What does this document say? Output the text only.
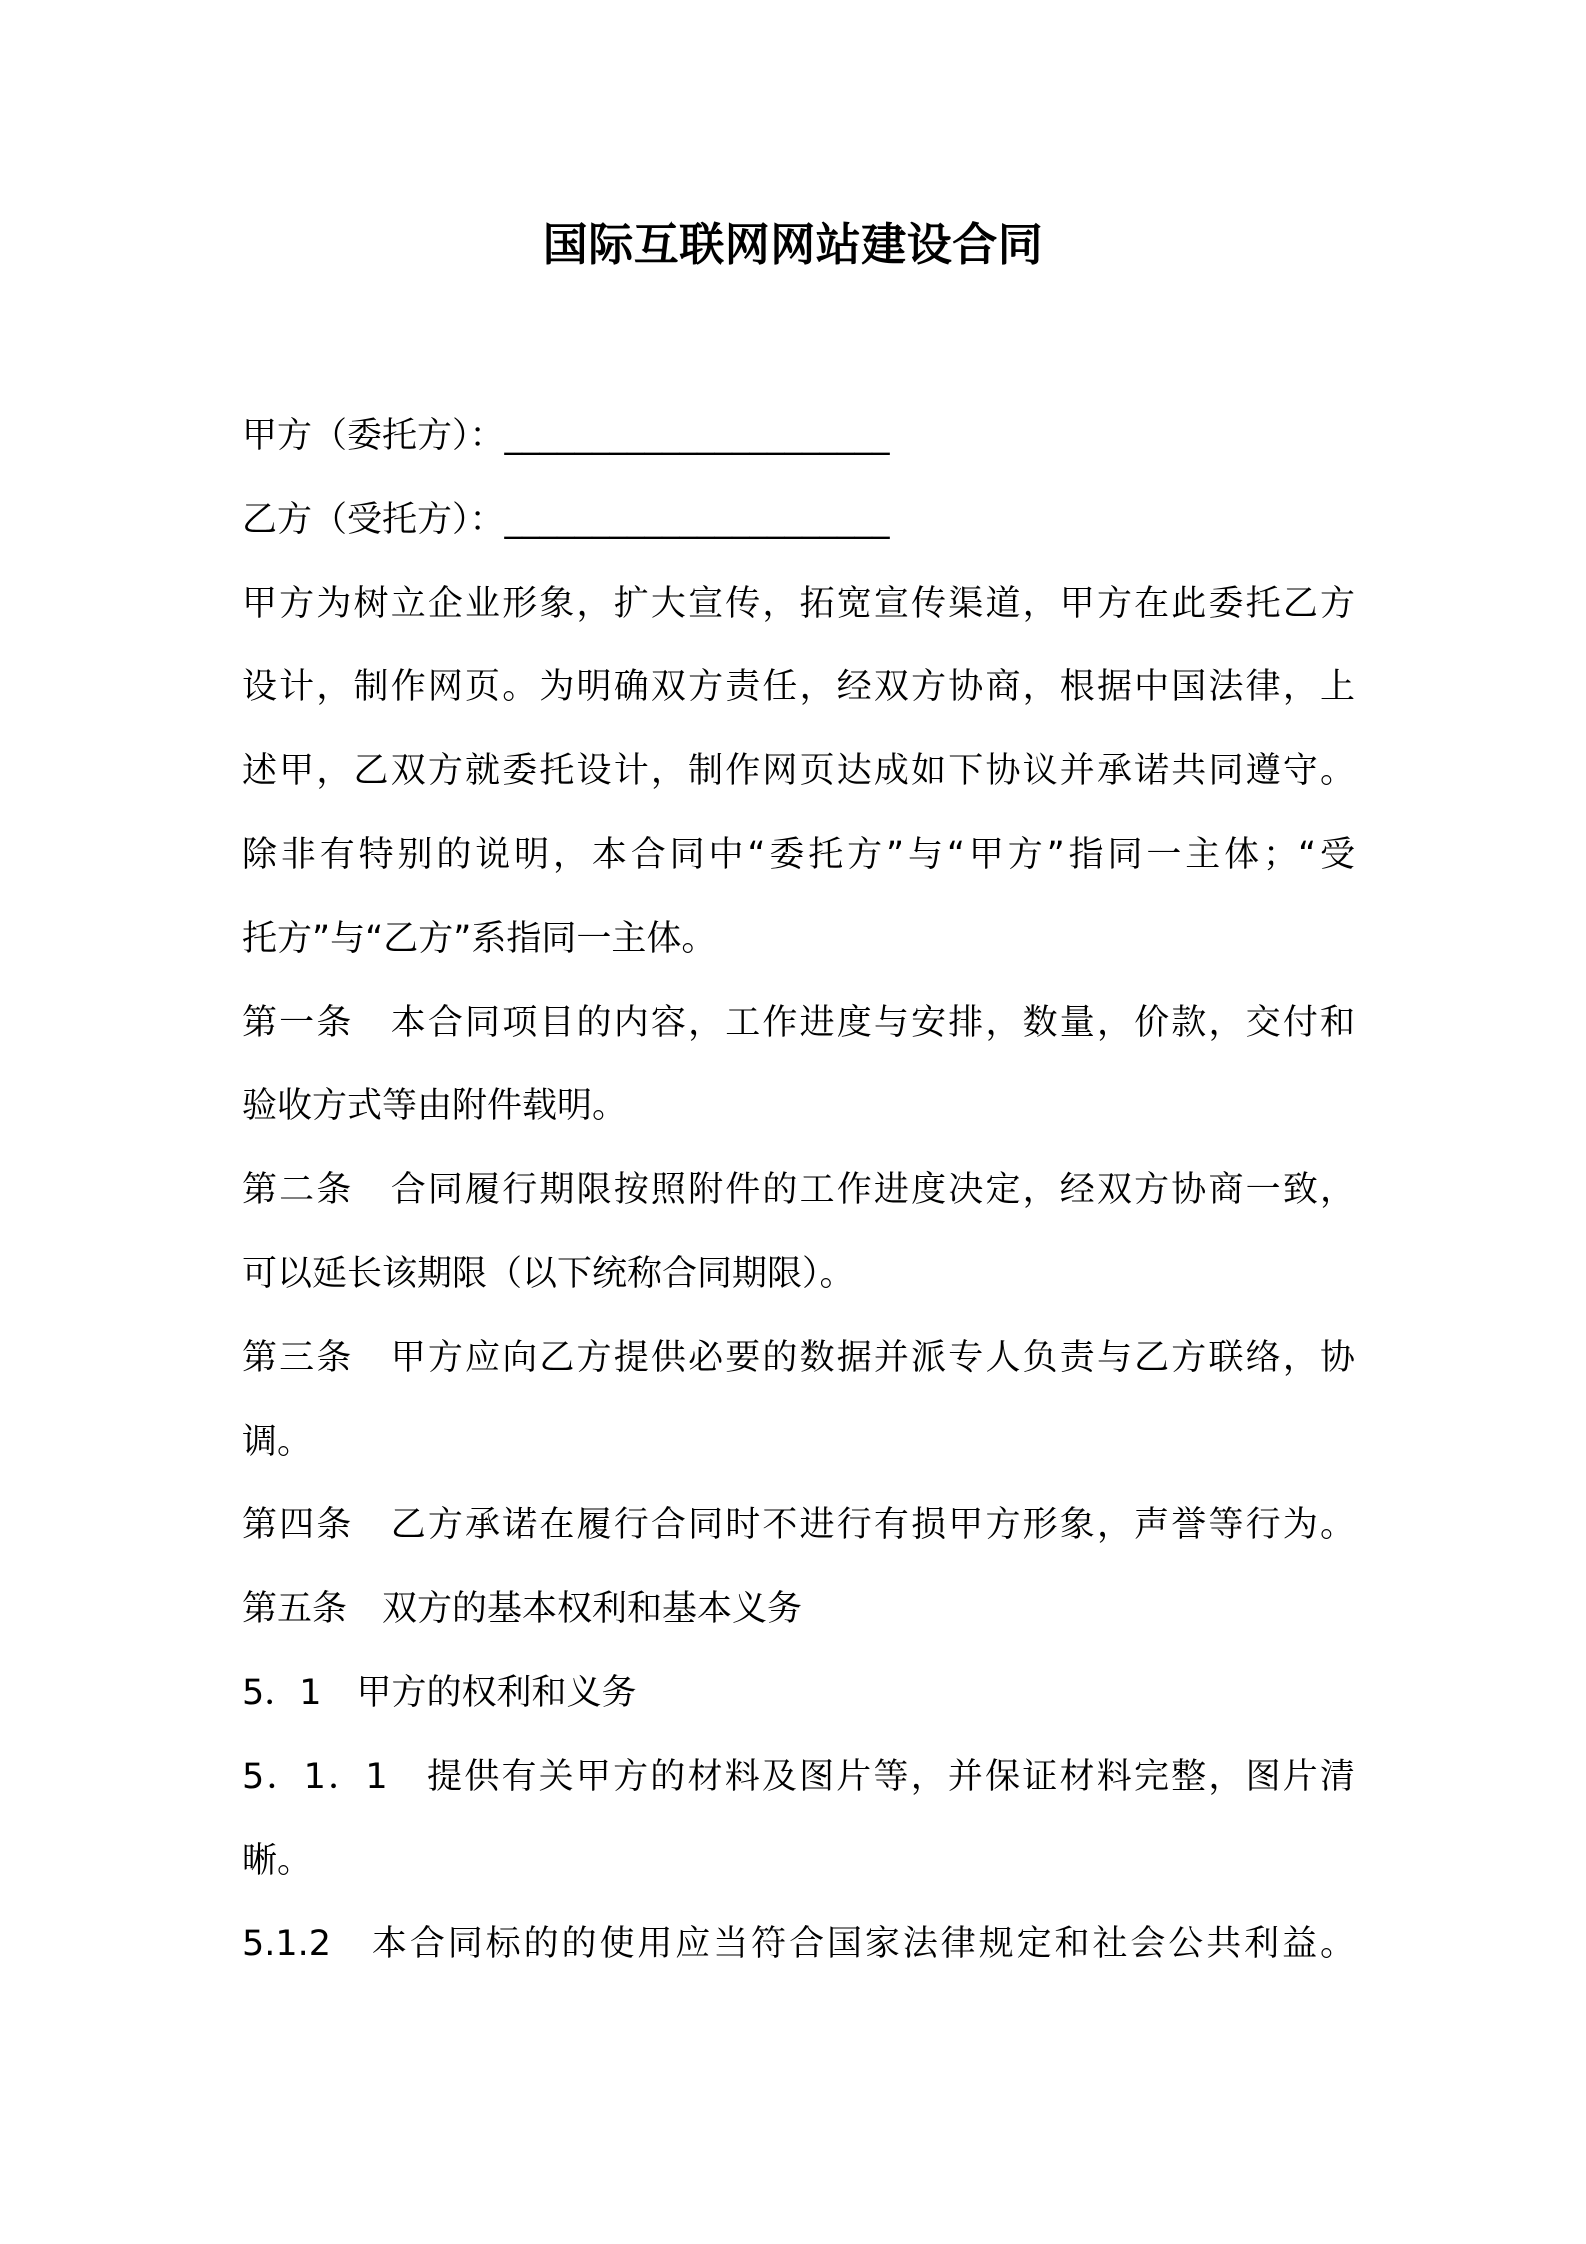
国际互联网网站建设合同
甲方（委托方）：______________________
乙方（受托方）：______________________
甲方为树立企业形象，扩大宣传，拓宽宣传渠道，甲方在此委托乙方
设计，制作网页。为明确双方责任，经双方协商，根据中国法律，上
述甲，乙双方就委托设计，制作网页达成如下协议并承诺共同遵守。
除非有特别的说明，本合同中“委托方”与“甲方”指同一主体；“受
托方”与“乙方”系指同一主体。
第一条　本合同项目的内容，工作进度与安排，数量，价款，交付和
验收方式等由附件载明。
第二条　合同履行期限按照附件的工作进度决定，经双方协商一致，
可以延长该期限（以下统称合同期限）。
第三条　甲方应向乙方提供必要的数据并派专人负责与乙方联络，协
调。
第四条　乙方承诺在履行合同时不进行有损甲方形象，声誉等行为。
第五条　双方的基本权利和基本义务
5．1　甲方的权利和义务
5．1．1　提供有关甲方的材料及图片等，并保证材料完整，图片清
晰。
5.1.2　本合同标的的使用应当符合国家法律规定和社会公共利益。
